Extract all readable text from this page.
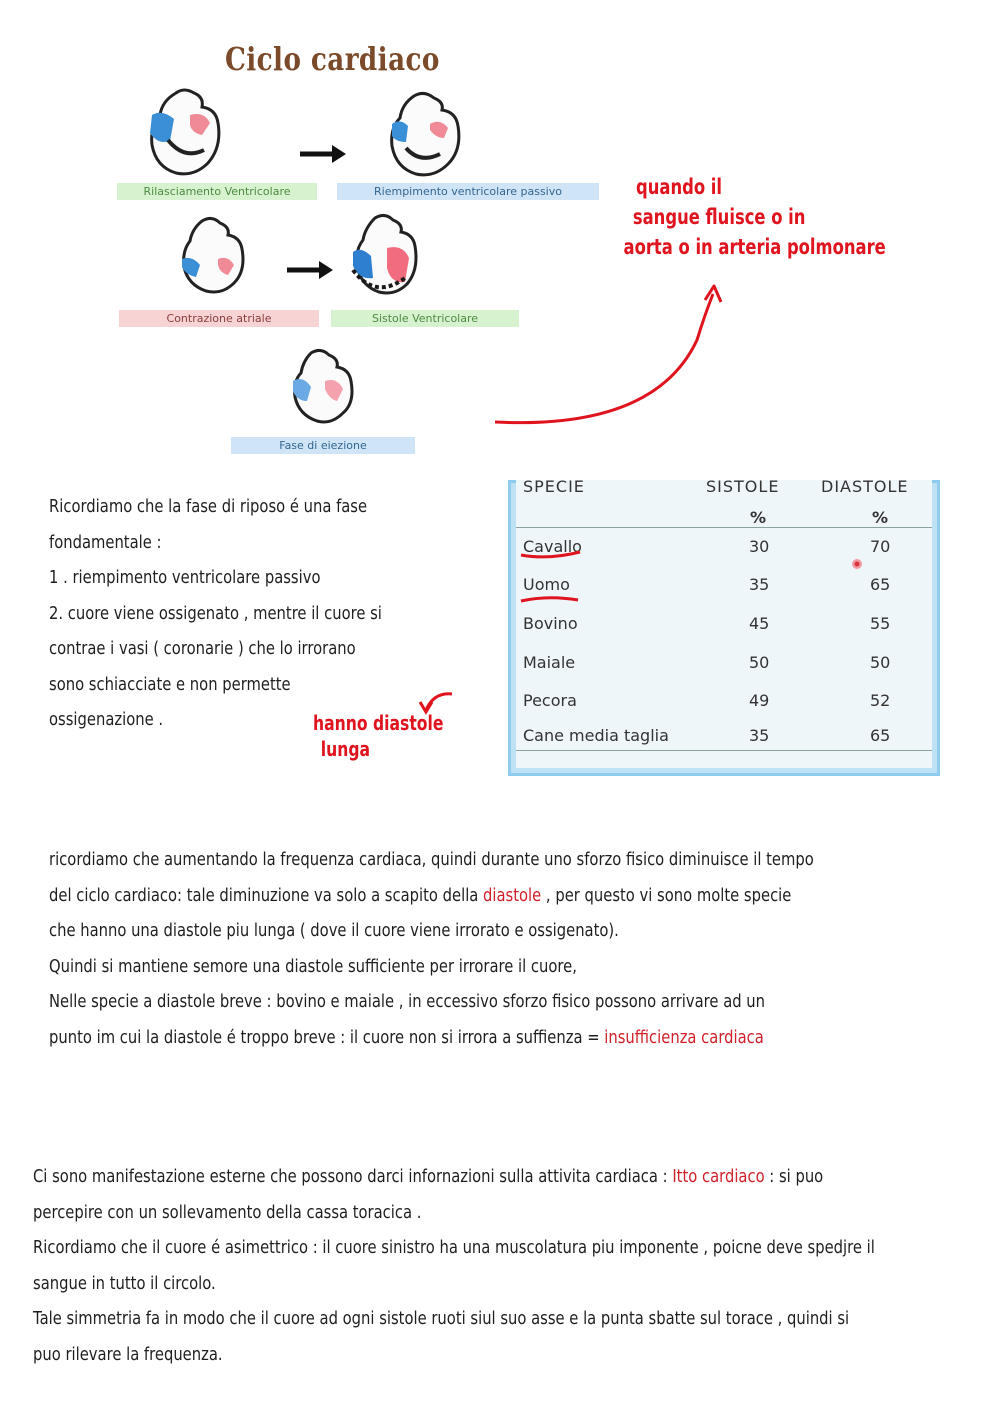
Ciclo cardiaco
Rilasciamento Ventricolare	Riempimento ventricolare passivo
Contrazione atriale	Sistole Ventricolare
Fase di eiezione
quando il
sangue fluisce o in
aorta o in arteria polmonare

Ricordiamo che la fase di riposo é una fase

fondamentale :

1 . riempimento ventricolare passivo

2. cuore viene ossigenato , mentre il cuore si

contrae i vasi ( coronarie ) che lo irrorano

sono schiacciate e non permette

ossigenazione .	hanno diastole
lunga
SPECIE	SISTOLE	DIASTOLE
%	%
Cavallo	30	70
Uomo	35	65
Bovino	45	55
Maiale	50	50
Pecora	49	52
Cane media taglia	35	65

ricordiamo che aumentando la frequenza cardiaca, quindi durante uno sforzo fisico diminuisce il tempo

del ciclo cardiaco: tale diminuzione va solo a scapito della diastole , per questo vi sono molte specie

che hanno una diastole piu lunga ( dove il cuore viene irrorato e ossigenato).

Quindi si mantiene semore una diastole sufficiente per irrorare il cuore,

Nelle specie a diastole breve : bovino e maiale , in eccessivo sforzo fisico possono arrivare ad un

punto im cui la diastole é troppo breve : il cuore non si irrora a suffienza = insufficienza cardiaca

Ci sono manifestazione esterne che possono darci infornazioni sulla attivita cardiaca : Itto cardiaco : si puo

percepire con un sollevamento della cassa toracica .

Ricordiamo che il cuore é asimettrico : il cuore sinistro ha una muscolatura piu imponente , poicne deve spedjre il

sangue in tutto il circolo.

Tale simmetria fa in modo che il cuore ad ogni sistole ruoti siul suo asse e la punta sbatte sul torace , quindi si

puo rilevare la frequenza.
